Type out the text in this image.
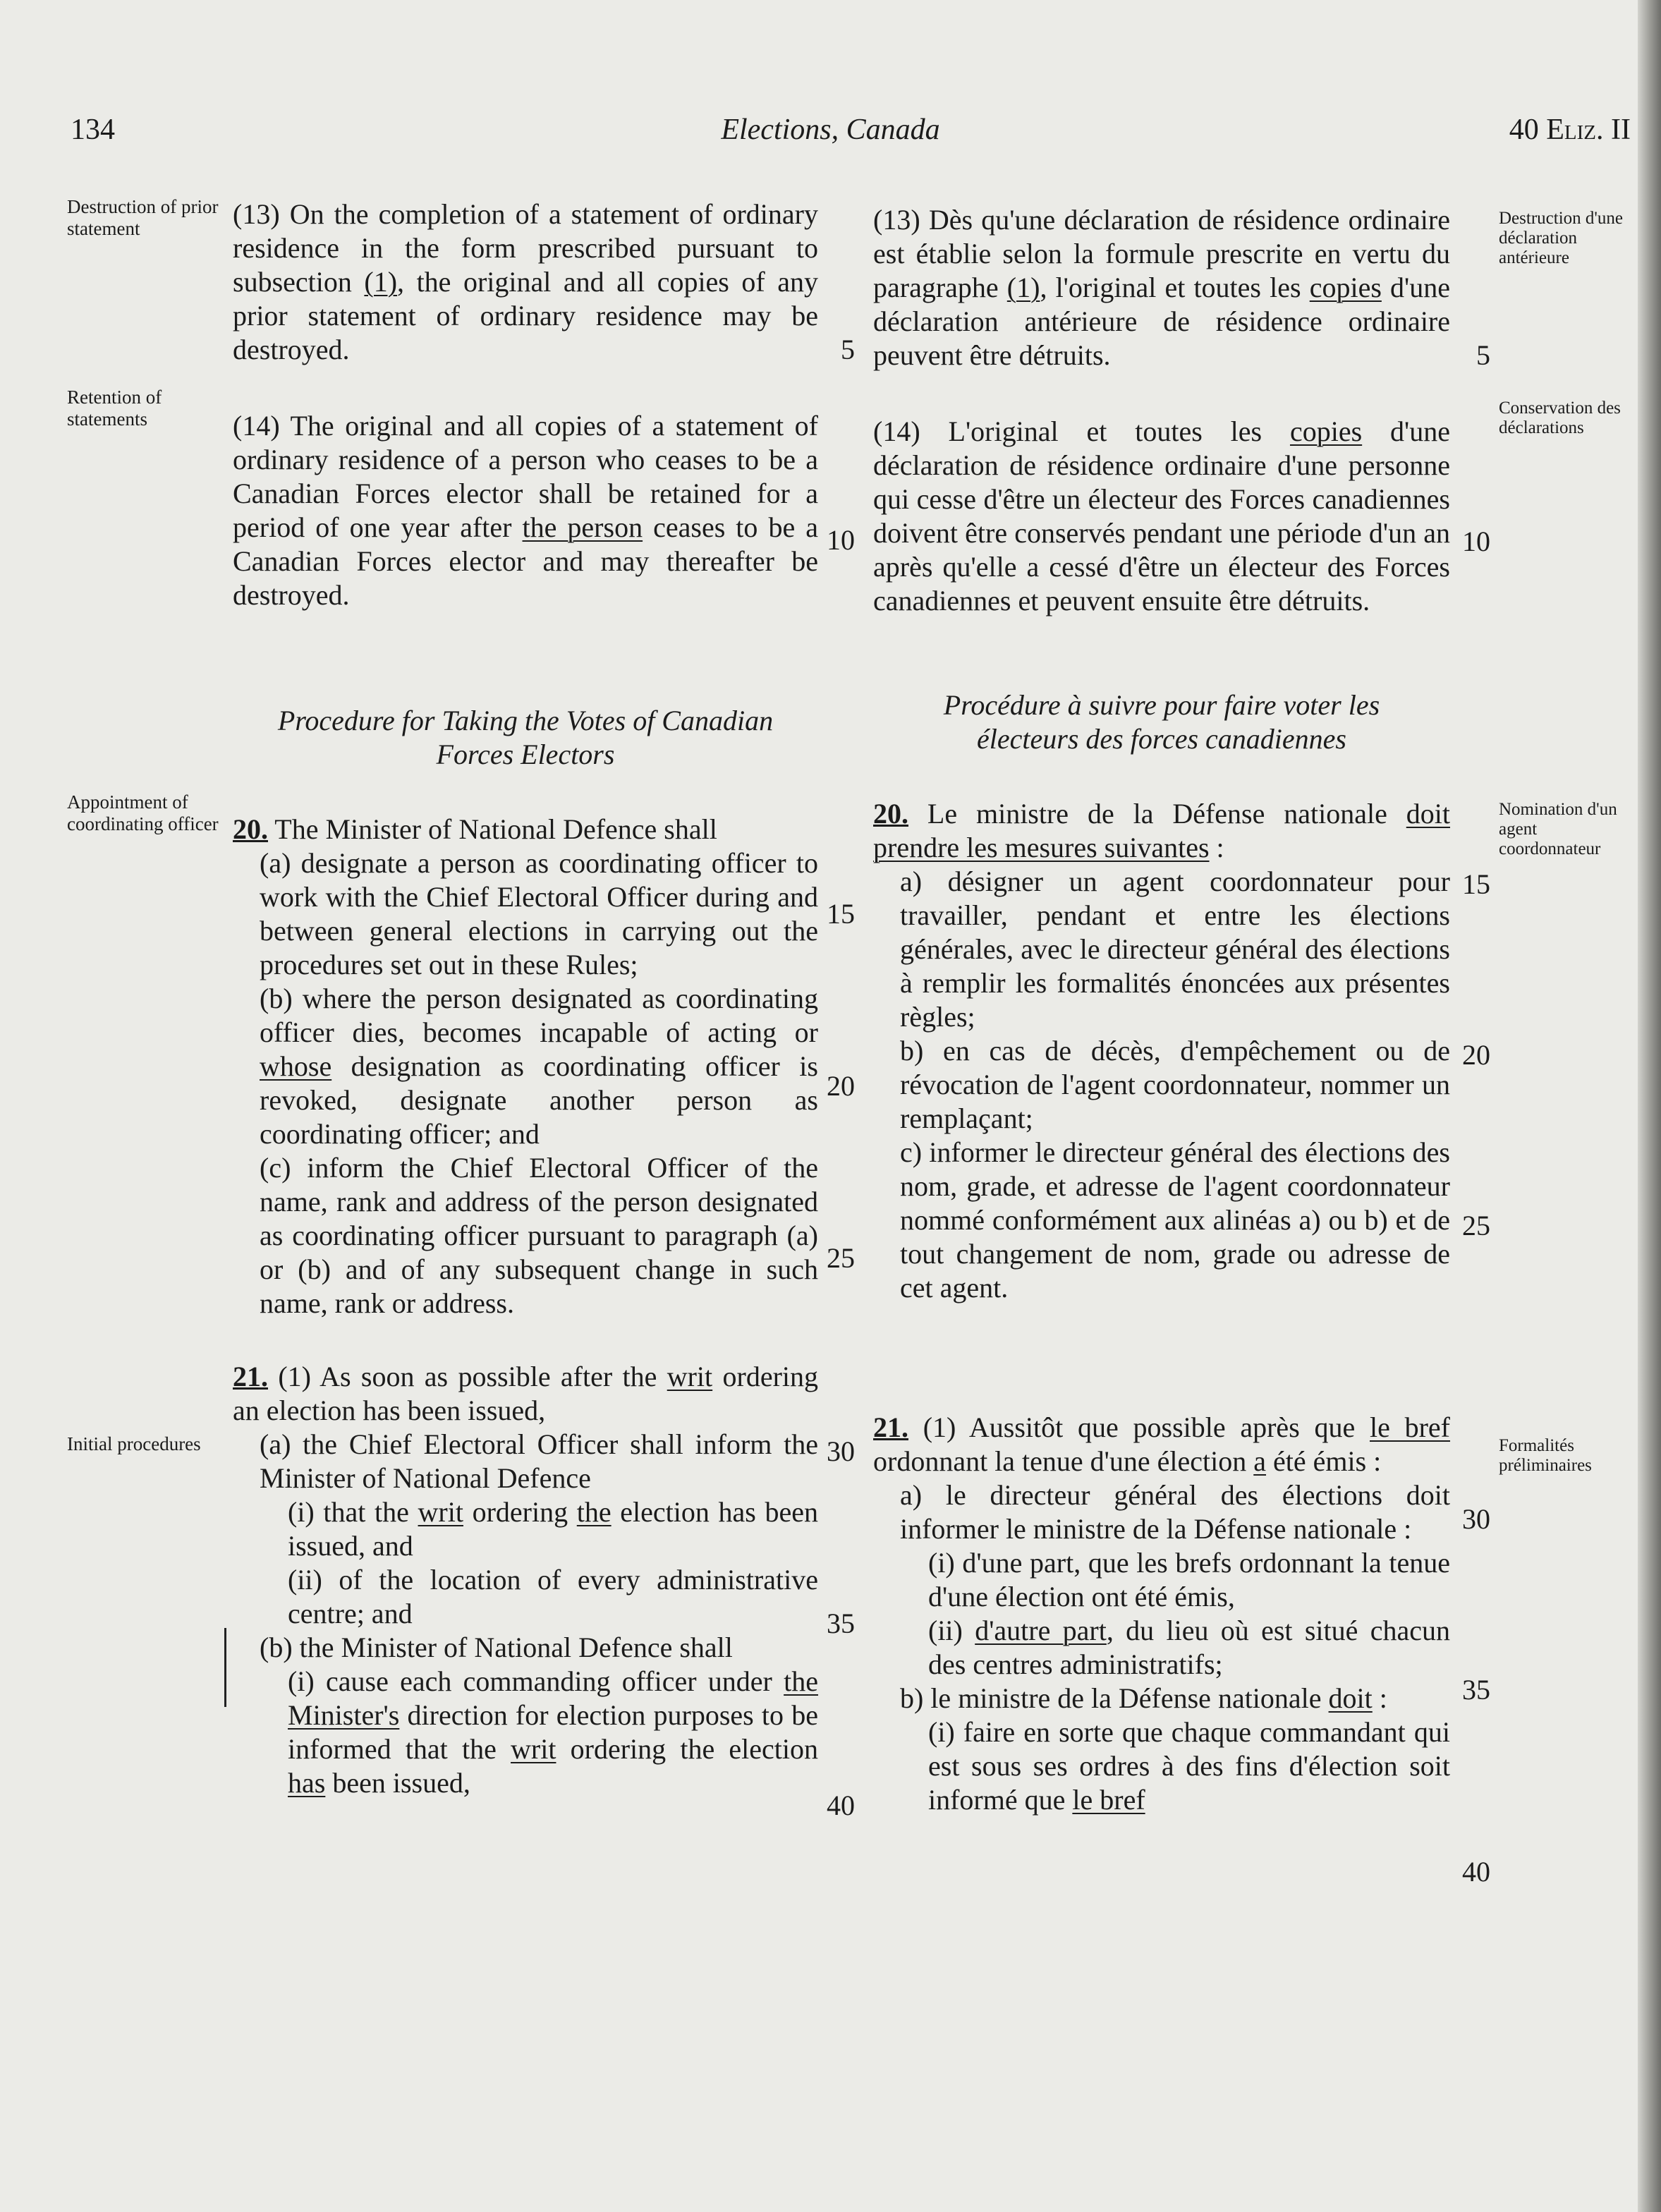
Elections, Canada
134	40 Eliz. II
Destruction of prior statement
Retention of statements
Appointment of coordinating officer
Initial procedures
Destruction d'une déclaration antérieure
Conservation des déclarations
Nomination d'un agent coordonnateur
Formalités préliminaires
(13) On the completion of a statement of ordinary residence in the form prescribed pursuant to subsection (1), the original and all copies of any prior statement of ordinary residence may be destroyed.
(14) The original and all copies of a statement of ordinary residence of a person who ceases to be a Canadian Forces elector shall be retained for a period of one year after the person ceases to be a Canadian Forces elector and may thereafter be destroyed.
Procedure for Taking the Votes of Canadian
Forces Electors

20. The Minister of National Defence shall

(a) designate a person as coordinating officer to work with the Chief Electoral Officer during and between general elections in carrying out the procedures set out in these Rules;

(b) where the person designated as coordinating officer dies, becomes incapable of acting or whose designation as coordinating officer is revoked, designate another person as coordinating officer; and

(c) inform the Chief Electoral Officer of the name, rank and address of the person designated as coordinating officer pursuant to paragraph (a) or (b) and of any subsequent change in such name, rank or address.

21. (1) As soon as possible after the writ ordering an election has been issued,

(a) the Chief Electoral Officer shall inform the Minister of National Defence

(i) that the writ ordering the election has been issued, and

(ii) of the location of every administrative centre; and

(b) the Minister of National Defence shall

(i) cause each commanding officer under the Minister's direction for election purposes to be informed that the writ ordering the election has been issued,

(13) Dès qu'une déclaration de résidence ordinaire est établie selon la formule prescrite en vertu du paragraphe (1), l'original et toutes les copies d'une déclaration antérieure de résidence ordinaire peuvent être détruits.
(14) L'original et toutes les copies d'une déclaration de résidence ordinaire d'une personne qui cesse d'être un électeur des Forces canadiennes doivent être conservés pendant une période d'un an après qu'elle a cessé d'être un électeur des Forces canadiennes et peuvent ensuite être détruits.
Procédure à suivre pour faire voter les
électeurs des forces canadiennes

20. Le ministre de la Défense nationale doit prendre les mesures suivantes :

a) désigner un agent coordonnateur pour travailler, pendant et entre les élections générales, avec le directeur général des élections à remplir les formalités énoncées aux présentes règles;

b) en cas de décès, d'empêchement ou de révocation de l'agent coordonnateur, nommer un remplaçant;

c) informer le directeur général des élections des nom, grade, et adresse de l'agent coordonnateur nommé conformément aux alinéas a) ou b) et de tout changement de nom, grade ou adresse de cet agent.

21. (1) Aussitôt que possible après que le bref ordonnant la tenue d'une élection a été émis :

a) le directeur général des élections doit informer le ministre de la Défense nationale :

(i) d'une part, que les brefs ordonnant la tenue d'une élection ont été émis,

(ii) d'autre part, du lieu où est situé chacun des centres administratifs;

b) le ministre de la Défense nationale doit :

(i) faire en sorte que chaque commandant qui est sous ses ordres à des fins d'élection soit informé que le bref

5
10
15
20
25
30
35
40
5
10
15
20
25
30
35
40
